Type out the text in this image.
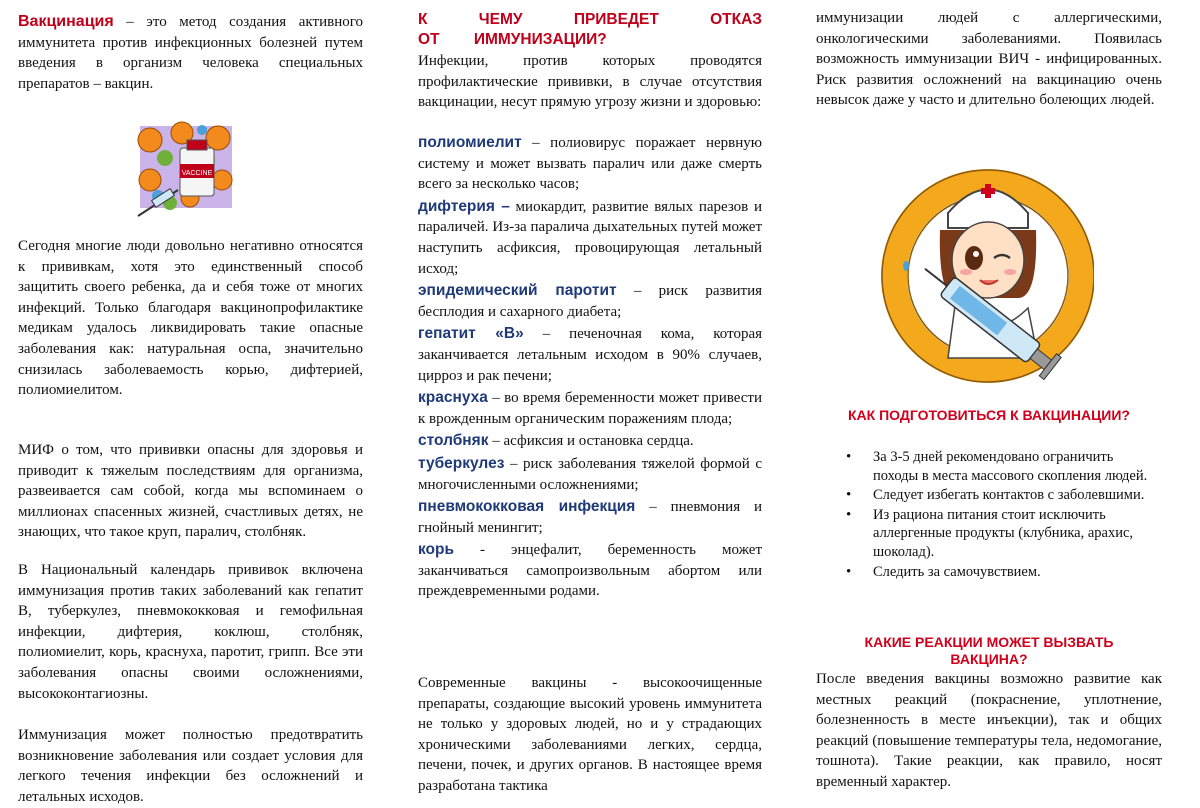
Вакцинация – это метод создания активного иммунитета против инфекционных болезней путем введения в организм человека специальных препаратов – вакцин.

VACCINE

Сегодня многие люди довольно негативно относятся к прививкам, хотя это единственный способ защитить своего ребенка, да и себя тоже от многих инфекций. Только благодаря вакцинопрофилактике медикам удалось ликвидировать такие опасные заболевания как: натуральная оспа, значительно снизилась заболеваемость корью, дифтерией, полиомиелитом.

МИФ о том, что прививки опасны для здоровья и приводит к тяжелым последствиям для организма, развеивается сам собой, когда мы вспоминаем о миллионах спасенных жизней, счастливых детях, не знающих, что такое круп, паралич, столбняк.

В Национальный календарь прививок включена иммунизация против таких заболеваний как гепатит В, туберкулез, пневмококковая и гемофильная инфекции, дифтерия, коклюш, столбняк, полиомиелит, корь, краснуха, паротит, грипп. Все эти заболевания опасны своими осложнениями, высококонтагиозны.

Иммунизация может полностью предотвратить возникновение заболевания или создает условия для легкого течения инфекции без осложнений и летальных исходов.

К ЧЕМУ ПРИВЕДЕТ ОТКАЗ ОТ ИММУНИЗАЦИИ?

Инфекции, против которых проводятся профилактические прививки, в случае отсутствия вакцинации, несут прямую угрозу жизни и здоровью:

полиомиелит – полиовирус поражает нервную систему и может вызвать паралич или даже смерть всего за несколько часов;

дифтерия – миокардит, развитие вялых парезов и параличей. Из-за паралича дыхательных путей может наступить асфиксия, провоцирующая летальный исход;

эпидемический паротит – риск развития бесплодия и сахарного диабета;

гепатит «В» – печеночная кома, которая заканчивается летальным исходом в 90% случаев, цирроз и рак печени;

краснуха – во время беременности может привести к врожденным органическим поражениям плода;

столбняк – асфиксия и остановка сердца.

туберкулез – риск заболевания тяжелой формой с многочисленными осложнениями;

пневмококковая инфекция – пневмония и гнойный менингит;

корь - энцефалит, беременность может заканчиваться самопроизвольным абортом или преждевременными родами.

Современные вакцины - высокоочищенные препараты, создающие высокий уровень иммунитета не только у здоровых людей, но и у страдающих хроническими заболеваниями легких, сердца, печени, почек, и других органов. В настоящее время разработана тактика

иммунизации людей с аллергическими, онкологическими заболеваниями. Появилась возможность иммунизации ВИЧ - инфицированных. Риск развития осложнений на вакцинацию очень невысок даже у часто и длительно болеющих людей.

КАК ПОДГОТОВИТЬСЯ К ВАКЦИНАЦИИ?
• За 3-5 дней рекомендовано ограничить походы в места массового скопления людей.
• Следует избегать контактов с заболевшими.
• Из рациона питания стоит исключить аллергенные продукты (клубника, арахис, шоколад).
• Следить за самочувствием.
КАКИЕ РЕАКЦИИ МОЖЕТ ВЫЗВАТЬ ВАКЦИНА?

После введения вакцины возможно развитие как местных реакций (покраснение, уплотнение, болезненность в месте инъекции), так и общих реакций (повышение температуры тела, недомогание, тошнота). Такие реакции, как правило, носят временный характер.
